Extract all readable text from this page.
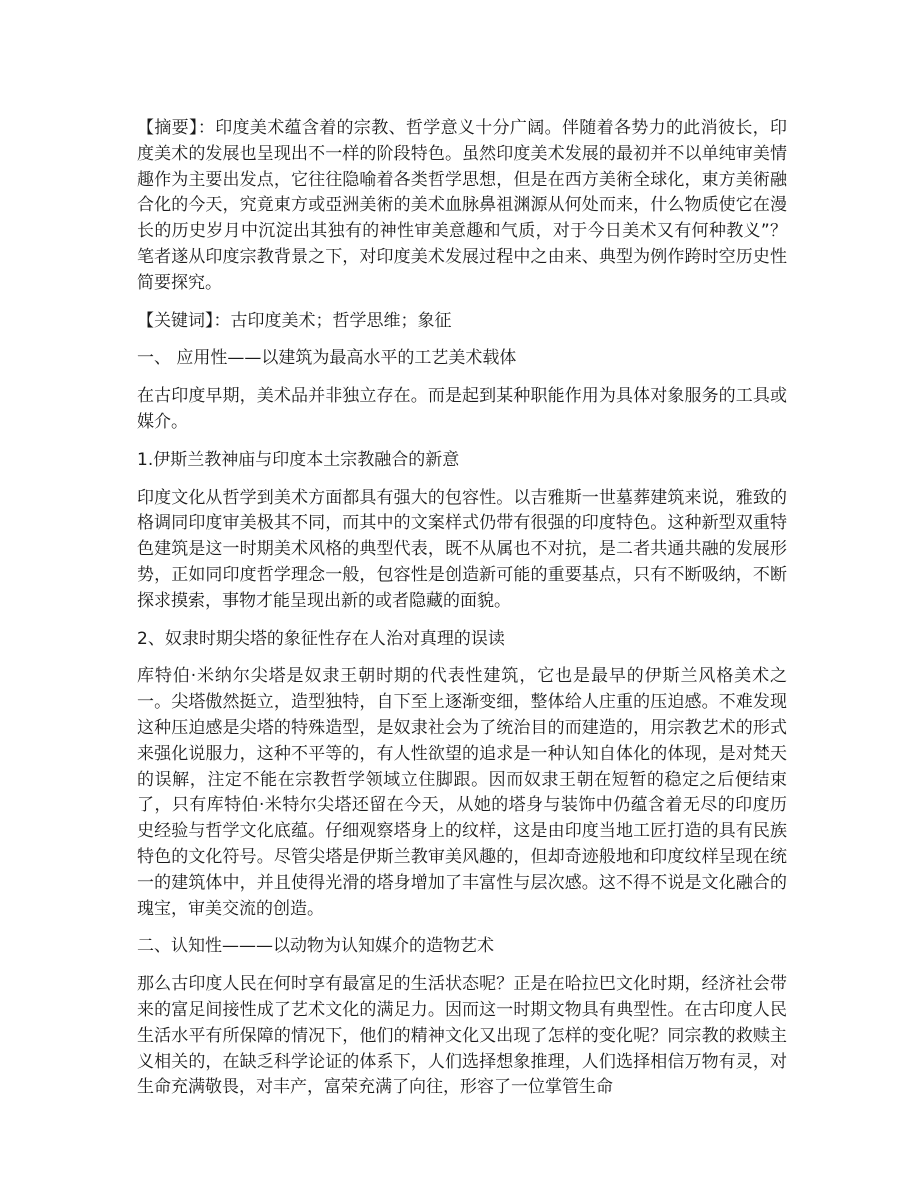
【摘要】：印度美术蕴含着的宗教、哲学意义十分广阔。伴随着各势力的此消彼长，印度美术的发展也呈现出不一样的阶段特色。虽然印度美术发展的最初并不以单纯审美情趣作为主要出发点，它往往隐喻着各类哲学思想，但是在西方美術全球化，東方美術融合化的今天，究竟東方或亞洲美術的美术血脉鼻祖渊源从何处而来，什么物质使它在漫长的历史岁月中沉淀出其独有的神性审美意趣和气质，对于今日美术又有何种教义”？笔者遂从印度宗教背景之下，对印度美术发展过程中之由来、典型为例作跨时空历史性简要探究。

【关键词】：古印度美术；哲学思维；象征

一、 应用性——以建筑为最高水平的工艺美术载体

在古印度早期，美术品并非独立存在。而是起到某种职能作用为具体对象服务的工具或媒介。

1.伊斯兰教神庙与印度本土宗教融合的新意

印度文化从哲学到美术方面都具有强大的包容性。以吉雅斯一世墓葬建筑来说，雅致的格调同印度审美极其不同，而其中的文案样式仍带有很强的印度特色。这种新型双重特色建筑是这一时期美术风格的典型代表，既不从属也不对抗，是二者共通共融的发展形势，正如同印度哲学理念一般，包容性是创造新可能的重要基点，只有不断吸纳，不断探求摸索，事物才能呈现出新的或者隐藏的面貌。

2、奴隶时期尖塔的象征性存在人治对真理的误读

库特伯·米纳尔尖塔是奴隶王朝时期的代表性建筑，它也是最早的伊斯兰风格美术之一。尖塔傲然挺立，造型独特，自下至上逐渐变细，整体给人庄重的压迫感。不难发现这种压迫感是尖塔的特殊造型，是奴隶社会为了统治目的而建造的，用宗教艺术的形式来强化说服力，这种不平等的，有人性欲望的追求是一种认知自体化的体现，是对梵天的误解，注定不能在宗教哲学领域立住脚跟。因而奴隶王朝在短暂的稳定之后便结束了，只有库特伯·米特尔尖塔还留在今天，从她的塔身与装饰中仍蕴含着无尽的印度历史经验与哲学文化底蕴。仔细观察塔身上的纹样，这是由印度当地工匠打造的具有民族特色的文化符号。尽管尖塔是伊斯兰教审美风趣的，但却奇迹般地和印度纹样呈现在统一的建筑体中，并且使得光滑的塔身增加了丰富性与层次感。这不得不说是文化融合的瑰宝，审美交流的创造。

二、认知性———以动物为认知媒介的造物艺术

那么古印度人民在何时享有最富足的生活状态呢？正是在哈拉巴文化时期，经济社会带来的富足间接性成了艺术文化的满足力。因而这一时期文物具有典型性。在古印度人民生活水平有所保障的情况下，他们的精神文化又出现了怎样的变化呢？同宗教的救赎主义相关的，在缺乏科学论证的体系下，人们选择想象推理，人们选择相信万物有灵，对生命充满敬畏，对丰产，富荣充满了向往，形容了一位掌管生命
